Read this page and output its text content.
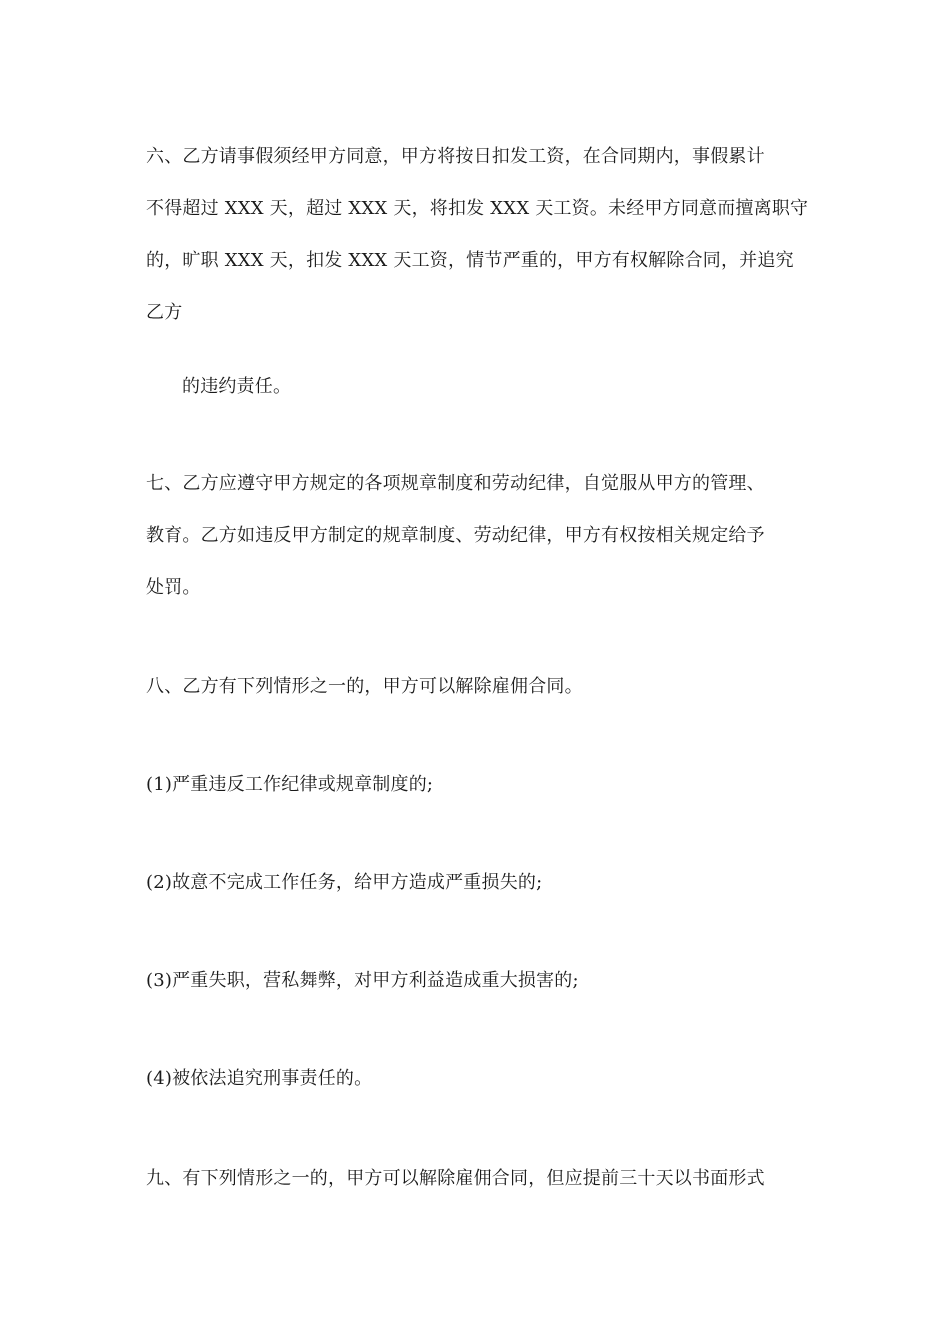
六、乙方请事假须经甲方同意，甲方将按日扣发工资，在合同期内，事假累计
不得超过 XXX 天，超过 XXX 天，将扣发 XXX 天工资。未经甲方同意而擅离职守
的，旷职 XXX 天，扣发 XXX 天工资，情节严重的，甲方有权解除合同，并追究
乙方
的违约责任。
七、乙方应遵守甲方规定的各项规章制度和劳动纪律，自觉服从甲方的管理、
教育。乙方如违反甲方制定的规章制度、劳动纪律，甲方有权按相关规定给予
处罚。
八、乙方有下列情形之一的，甲方可以解除雇佣合同。
(1)严重违反工作纪律或规章制度的;
(2)故意不完成工作任务，给甲方造成严重损失的;
(3)严重失职，营私舞弊，对甲方利益造成重大损害的;
(4)被依法追究刑事责任的。
九、有下列情形之一的，甲方可以解除雇佣合同，但应提前三十天以书面形式
